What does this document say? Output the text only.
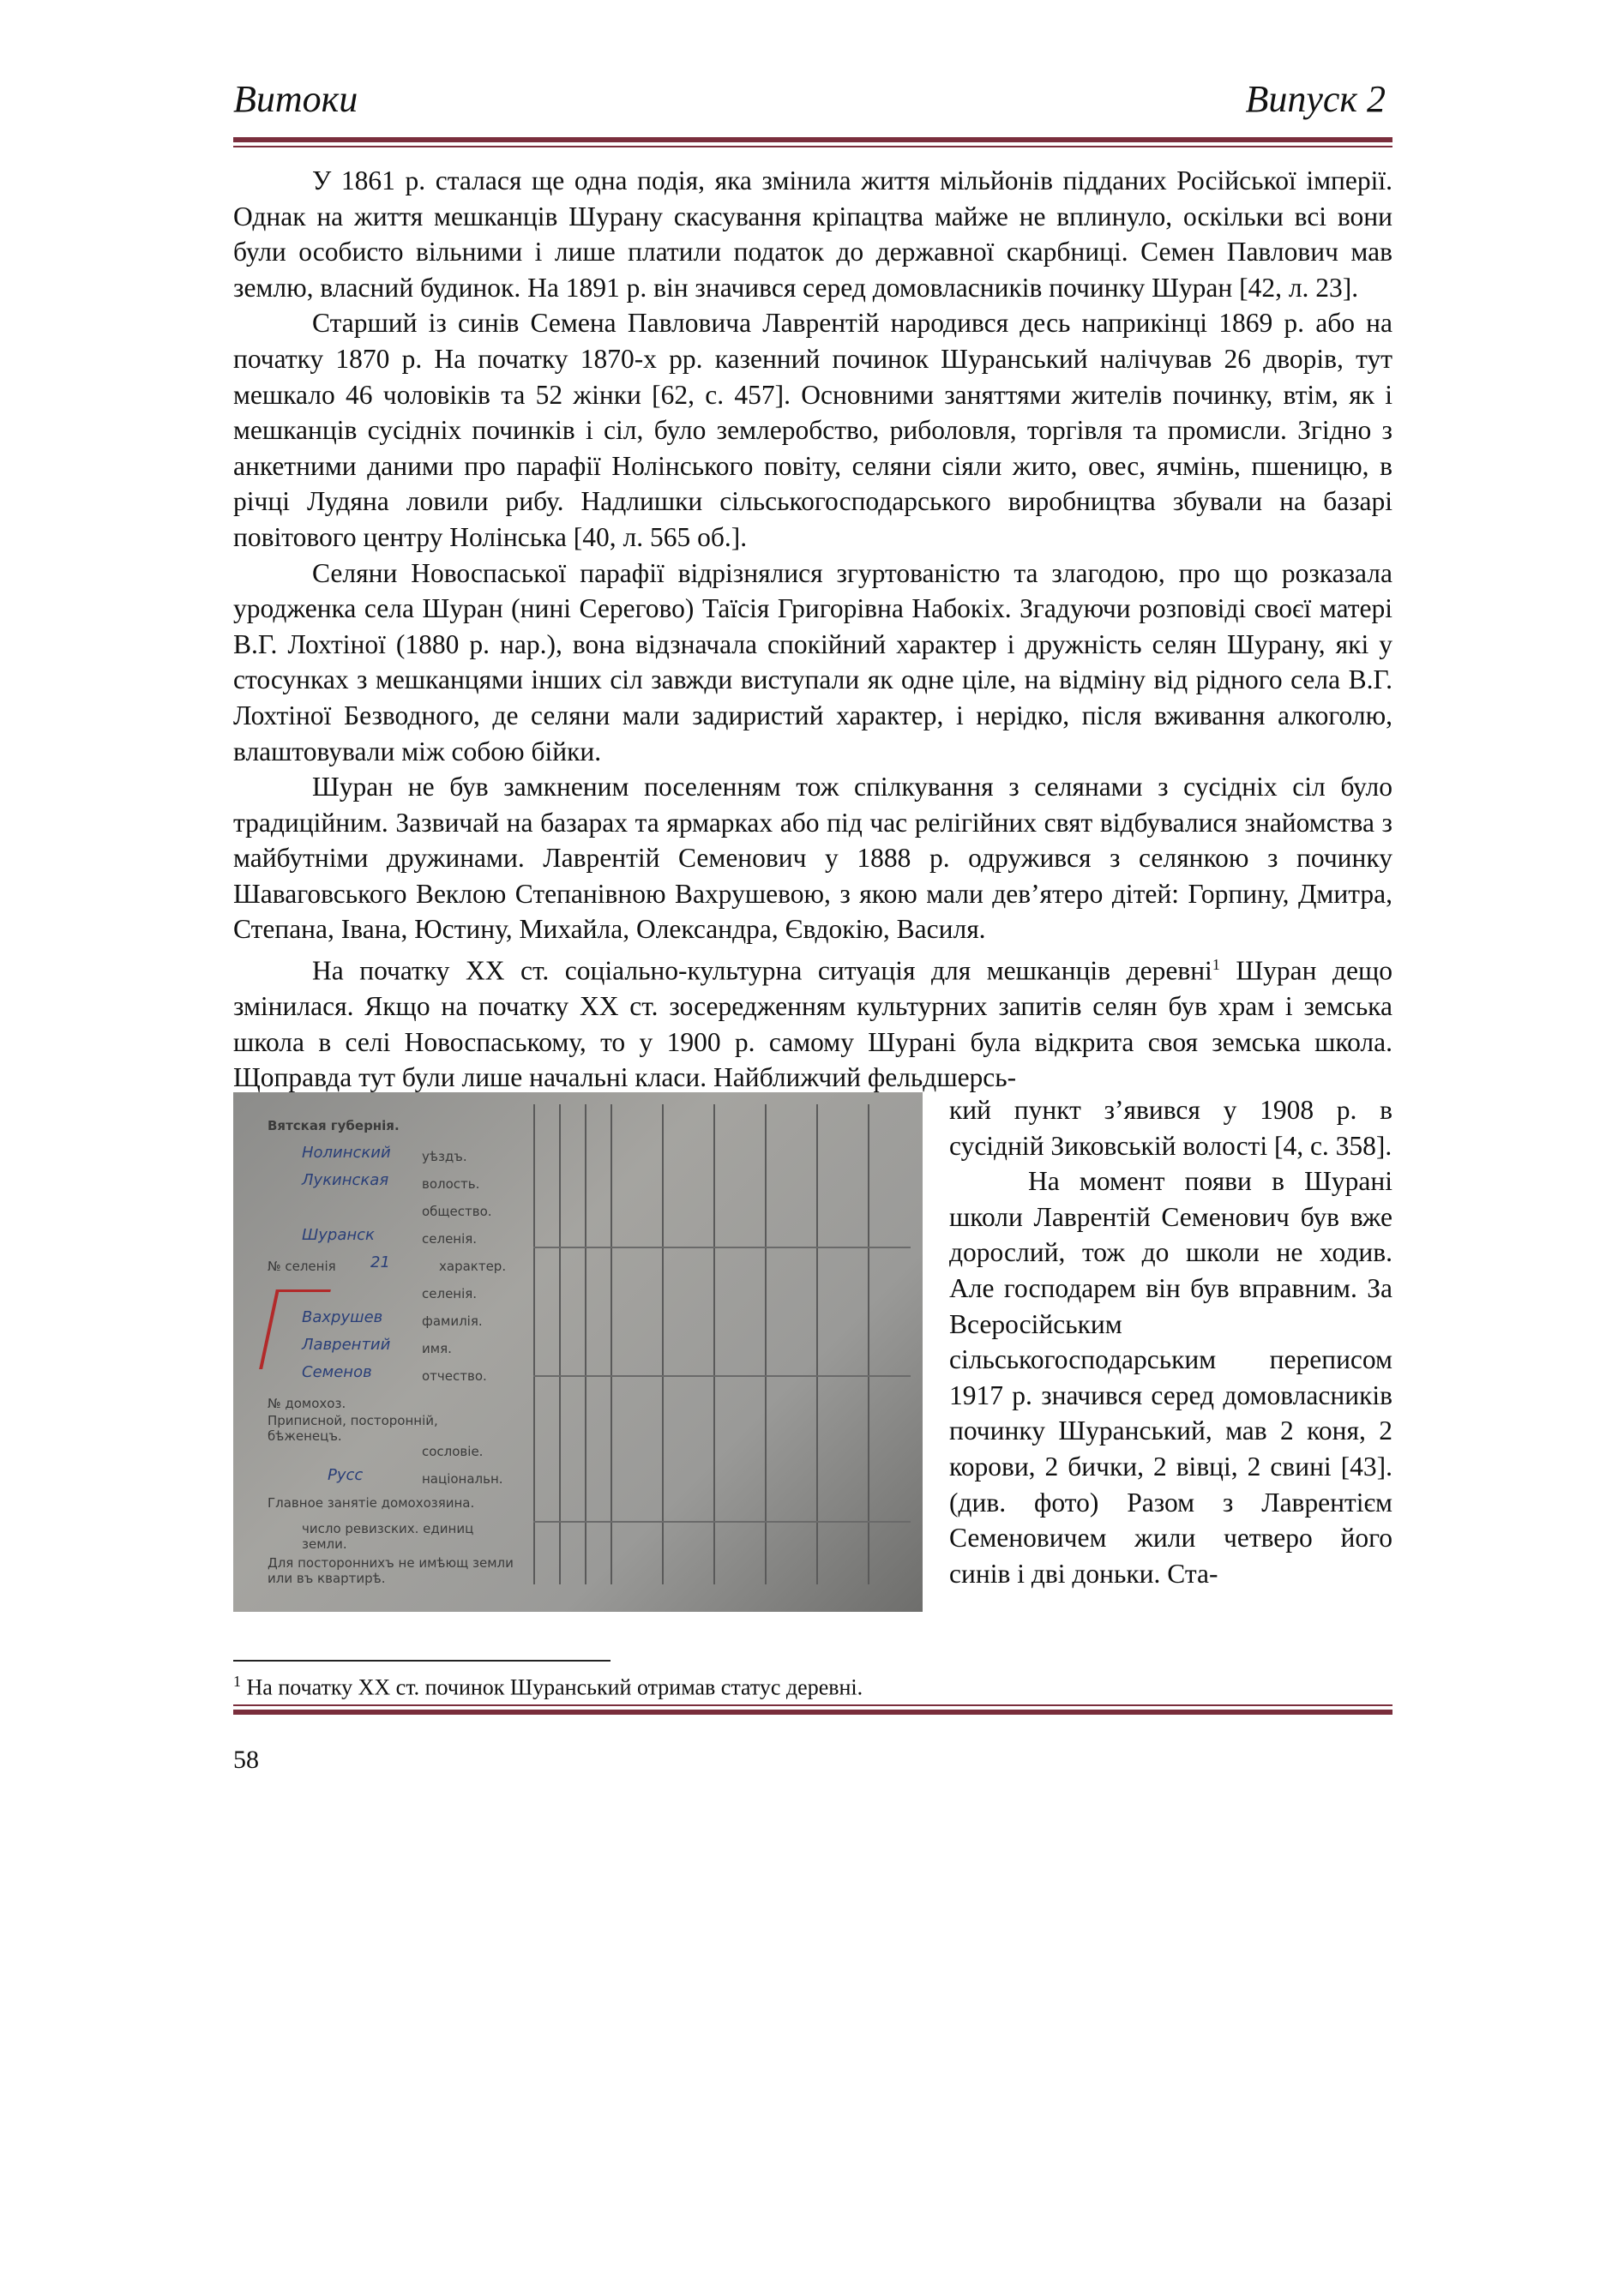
Витоки	Випуск 2

У 1861 р. сталася ще одна подія, яка змінила життя мільйонів підданих Російської імперії. Однак на життя мешканців Шурану скасування кріпацтва майже не вплинуло, оскільки всі вони були особисто вільними і лише платили податок до державної скарбниці. Семен Павлович мав землю, власний будинок. На 1891 р. він значився серед домовласників починку Шуран [42, л. 23].

Старший із синів Семена Павловича Лаврентій народився десь наприкінці 1869 р. або на початку 1870 р. На початку 1870-х рр. казенний починок Шуранський налічував 26 дворів, тут мешкало 46 чоловіків та 52 жінки [62, с. 457]. Основними заняттями жителів починку, втім, як і мешканців сусідніх починків і сіл, було землеробство, риболовля, торгівля та промисли. Згідно з анкетними даними про парафії Нолінського повіту, селяни сіяли жито, овес, ячмінь, пшеницю, в річці Лудяна ловили рибу. Надлишки сільськогосподарського виробництва збували на базарі повітового центру Нолінська [40, л. 565 об.].

Селяни Новоспаської парафії відрізнялися згуртованістю та злагодою, про що розказала уродженка села Шуран (нині Серегово) Таїсія Григорівна Набокіх. Згадуючи розповіді своєї матері В.Г. Лохтіної (1880 р. нар.), вона відзначала спокійний характер і дружність селян Шурану, які у стосунках з мешканцями інших сіл завжди виступали як одне ціле, на відміну від рідного села В.Г. Лохтіної Безводного, де селяни мали задиристий характер, і нерідко, після вживання алкоголю, влаштовували між собою бійки.

Шуран не був замкненим поселенням тож спілкування з селянами з сусідніх сіл було традиційним. Зазвичай на базарах та ярмарках або під час релігійних свят відбувалися знайомства з майбутніми дружинами. Лаврентій Семенович у 1888 р. одружився з селянкою з починку Шаваговського Веклою Степанівною Вахрушевою, з якою мали дев’ятеро дітей: Горпину, Дмитра, Степана, Івана, Юстину, Михайла, Олександра, Євдокію, Василя.

На початку XX ст. соціально-культурна ситуація для мешканців деревні$^1$ Шуран дещо змінилася. Якщо на початку XX ст. зосередженням культурних запитів селян був храм і земська школа в селі Новоспаському, то у 1900 р. самому Шурані була відкрита своя земська школа. Щоправда тут були лише начальні класи. Найближчий фельдшерсь-

Вятская губернія.
уѣздъ.
волость.
общество.
селенія.
№ селенія	характер.
селенія.
фамилія.
имя.
отчество.
№ домохоз.
Приписной, посторонній, бѣженецъ.
сословіе.
національн.
Главное занятіе домохозяина.
число ревизских. единиц земли.
Для постороннихъ не имѣющ земли или въ квартирѣ.
Нолинский
Лукинская
Шуранск
21
Вахрушев
Лаврентий
Семенов
Русс

кий пункт з’явився у 1908 р. в сусідній Зиковській волості [4, с. 358].

На момент появи в Шурані школи Лаврентій Семенович був вже дорослий, тож до школи не ходив. Але господарем він був вправним. За Всеросійським сільськогосподарським переписом 1917 р. значився серед домовласників починку Шуранський, мав 2 коня, 2 корови, 2 бички, 2 вівці, 2 свині [43]. (див. фото) Разом з Лаврентієм Семеновичем жили четверо його синів і дві доньки. Ста-

$^1$ На початку XX ст. починок Шуранський отримав статус деревні.
58
